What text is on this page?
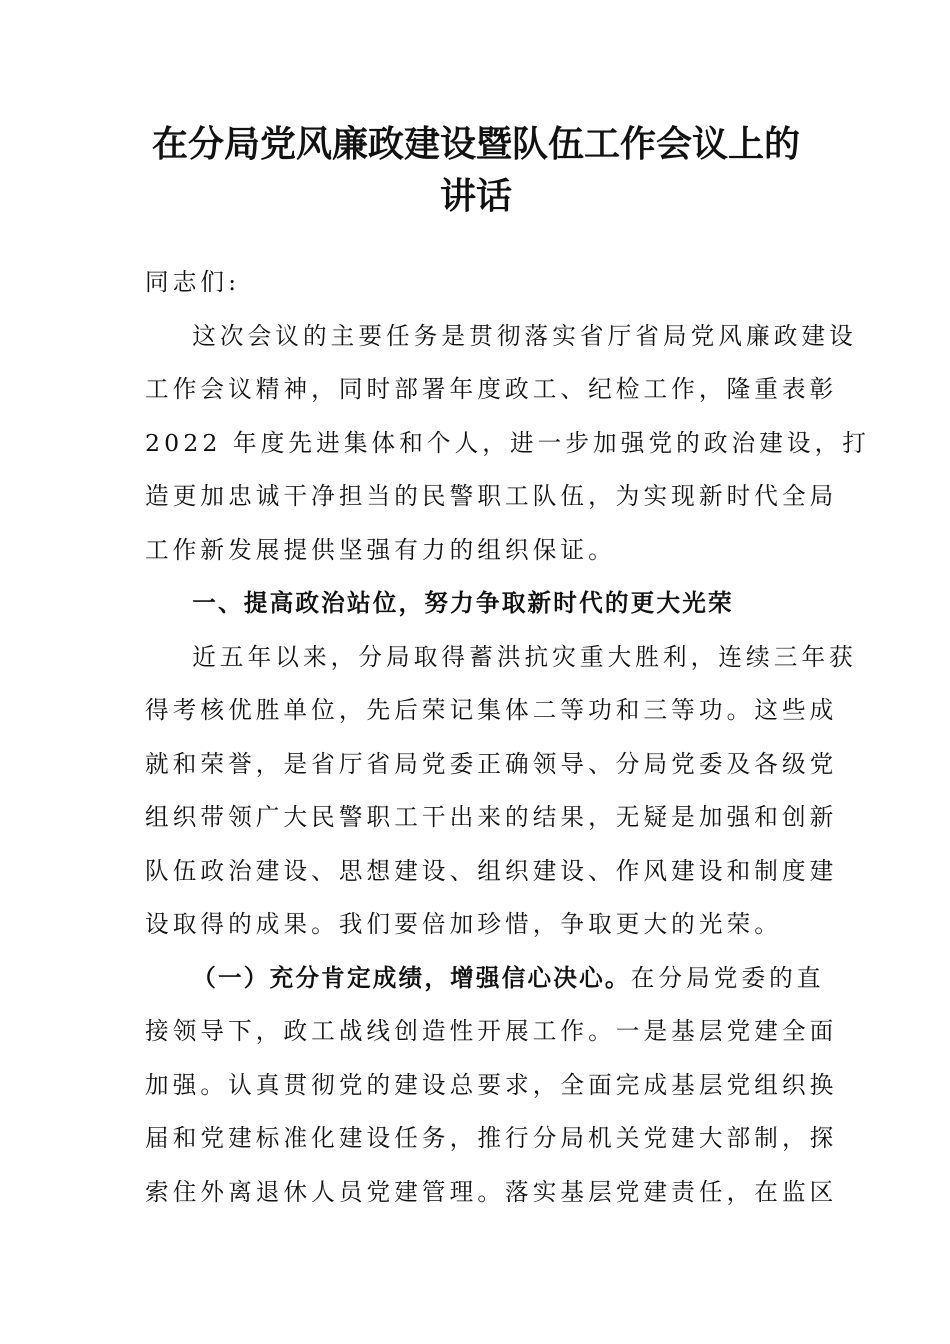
在分局党风廉政建设暨队伍工作会议上的
讲话

同志们:

这次会议的主要任务是贯彻落实省厅省局党风廉政建设
工作会议精神，同时部署年度政工、纪检工作，隆重表彰
2022 年度先进集体和个人，进一步加强党的政治建设，打
造更加忠诚干净担当的民警职工队伍，为实现新时代全局
工作新发展提供坚强有力的组织保证。

一、提高政治站位，努力争取新时代的更大光荣

近五年以来，分局取得蓄洪抗灾重大胜利，连续三年获
得考核优胜单位，先后荣记集体二等功和三等功。这些成
就和荣誉，是省厅省局党委正确领导、分局党委及各级党
组织带领广大民警职工干出来的结果，无疑是加强和创新
队伍政治建设、思想建设、组织建设、作风建设和制度建
设取得的成果。我们要倍加珍惜，争取更大的光荣。

（一）充分肯定成绩，增强信心决心。在分局党委的直
接领导下，政工战线创造性开展工作。一是基层党建全面
加强。认真贯彻党的建设总要求，全面完成基层党组织换
届和党建标准化建设任务，推行分局机关党建大部制，探
索住外离退休人员党建管理。落实基层党建责任，在监区
